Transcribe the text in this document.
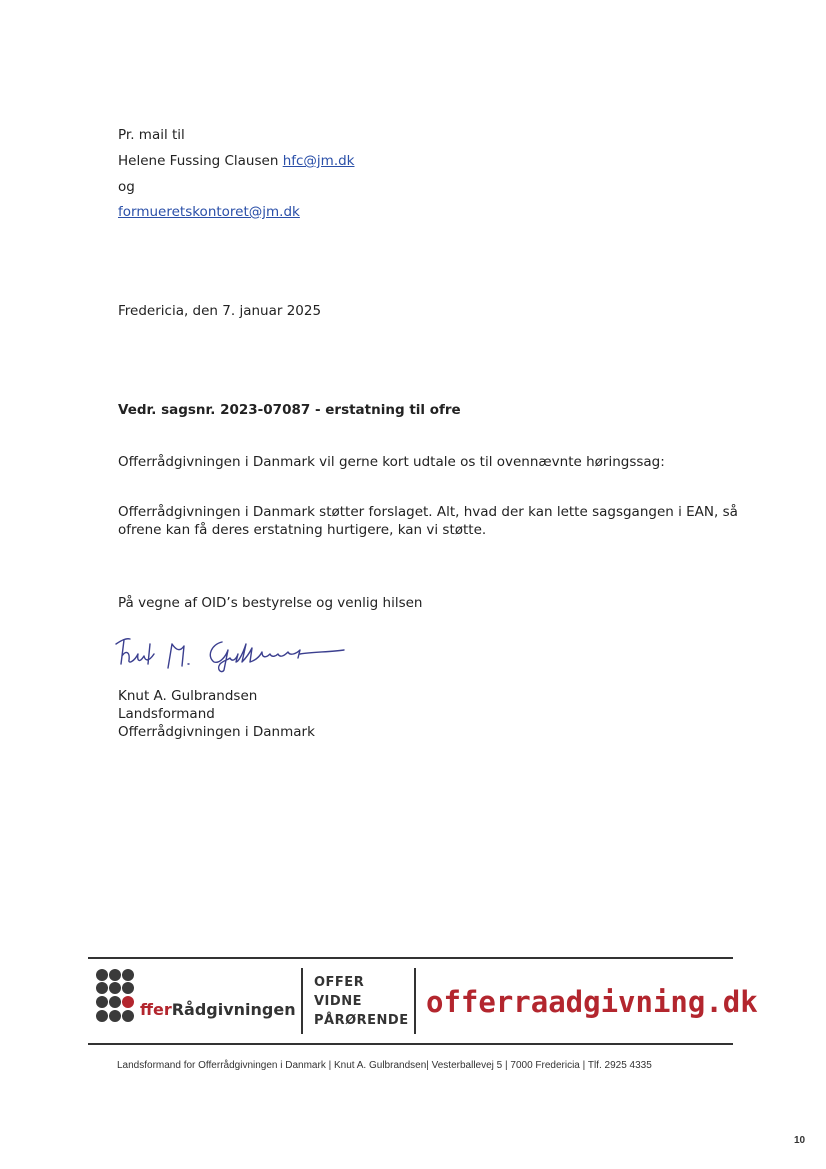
Pr. mail til
Helene Fussing Clausen hfc@jm.dk
og
formueretskontoret@jm.dk
Fredericia, den 7. januar 2025
Vedr. sagsnr. 2023-07087 - erstatning til ofre
Offerrådgivningen i Danmark vil gerne kort udtale os til ovennævnte høringssag:
Offerrådgivningen i Danmark støtter forslaget. Alt, hvad der kan lette sagsgangen i EAN, så
ofrene kan få deres erstatning hurtigere, kan vi støtte.
På vegne af OID’s bestyrelse og venlig hilsen
Knut A. Gulbrandsen
Landsformand
Offerrådgivningen i Danmark
fferRådgivningen
OFFER
VIDNE
PÅRØRENDE
offerraadgivning.dk
Landsformand for Offerrådgivningen i Danmark | Knut A. Gulbrandsen| Vesterballevej 5 | 7000 Fredericia | Tlf. 2925 4335
10
